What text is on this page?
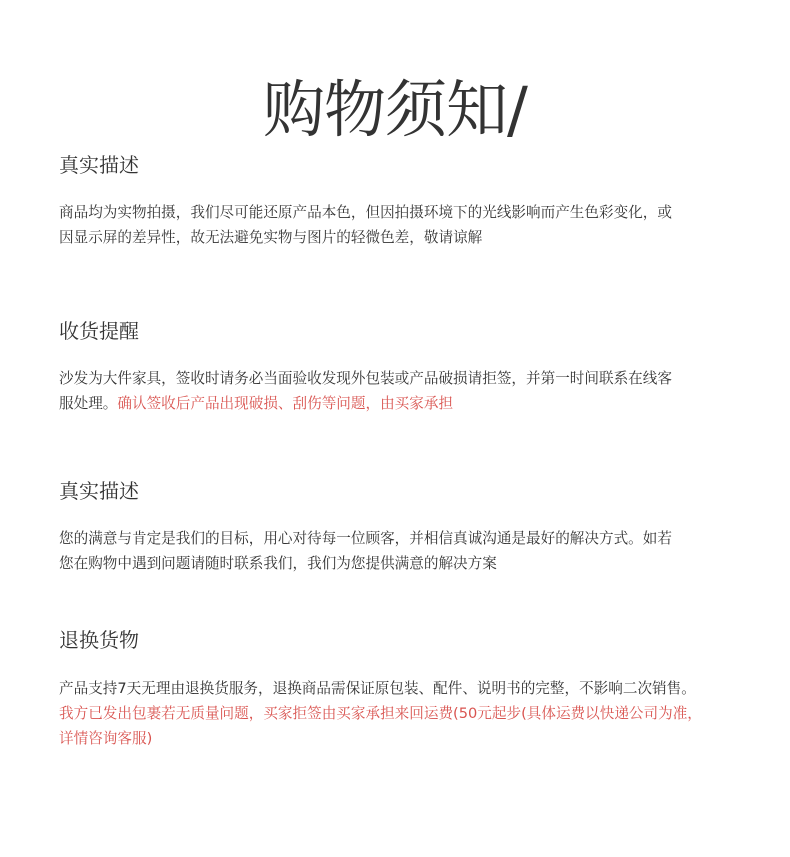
购物须知/
真实描述
商品均为实物拍摄，我们尽可能还原产品本色，但因拍摄环境下的光线影响而产生色彩变化，或
因显示屏的差异性，故无法避免实物与图片的轻微色差，敬请谅解
收货提醒
沙发为大件家具，签收时请务必当面验收发现外包装或产品破损请拒签，并第一时间联系在线客
服处理。确认签收后产品出现破损、刮伤等问题，由买家承担
真实描述
您的满意与肯定是我们的目标，用心对待每一位顾客，并相信真诚沟通是最好的解决方式。如若
您在购物中遇到问题请随时联系我们，我们为您提供满意的解决方案
退换货物
产品支持7天无理由退换货服务，退换商品需保证原包装、配件、说明书的完整，不影响二次销售。
我方已发出包裹若无质量问题，买家拒签由买家承担来回运费(50元起步(具体运费以快递公司为准，
详情咨询客服)
